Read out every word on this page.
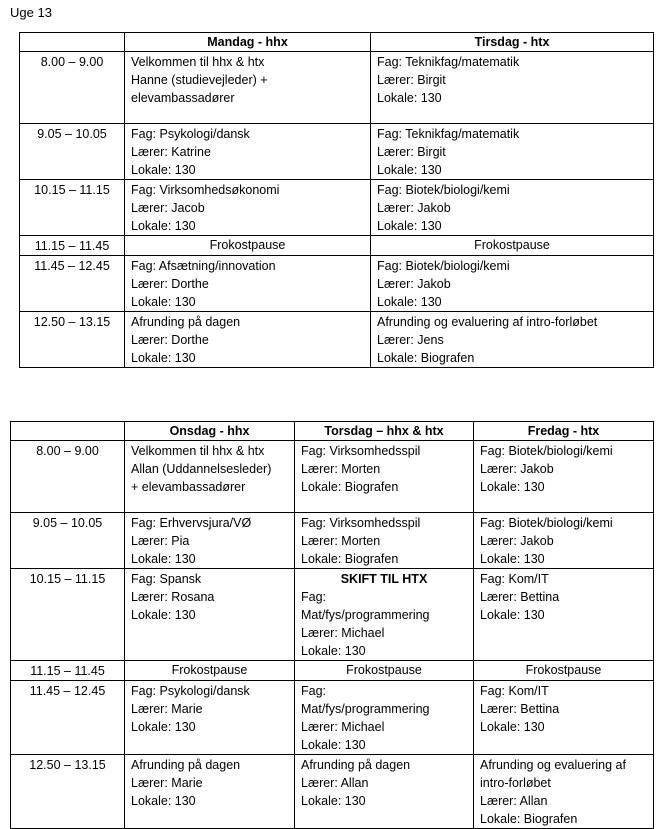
Uge 13
	Mandag - hhx	Tirsdag - htx
8.00 – 9.00	Velkommen til hhx & htx
Hanne (studievejleder) +
elevambassadører	Fag: Teknikfag/matematik
Lærer: Birgit
Lokale: 130

9.05 – 10.05	Fag: Psykologi/dansk
Lærer: Katrine
Lokale: 130	Fag: Teknikfag/matematik
Lærer: Birgit
Lokale: 130

10.15 – 11.15	Fag: Virksomhedsøkonomi
Lærer: Jacob
Lokale: 130	Fag: Biotek/biologi/kemi
Lærer: Jakob
Lokale: 130

11.15 – 11.45	Frokostpause	Frokostpause
11.45 – 12.45	Fag: Afsætning/innovation
Lærer: Dorthe
Lokale: 130	Fag: Biotek/biologi/kemi
Lærer: Jakob
Lokale: 130

12.50 – 13.15	Afrunding på dagen
Lærer: Dorthe
Lokale: 130	Afrunding og evaluering af intro-forløbet
Lærer: Jens
Lokale: Biografen
	Onsdag - hhx	Torsdag – hhx & htx	Fredag - htx
8.00 – 9.00	Velkommen til hhx & htx
Allan (Uddannelsesleder)
+ elevambassadører	Fag: Virksomhedsspil
Lærer: Morten
Lokale: Biografen	Fag: Biotek/biologi/kemi
Lærer: Jakob
Lokale: 130

9.05 – 10.05	Fag: Erhvervsjura/VØ
Lærer: Pia
Lokale: 130	Fag: Virksomhedsspil
Lærer: Morten
Lokale: Biografen	Fag: Biotek/biologi/kemi
Lærer: Jakob
Lokale: 130

10.15 – 11.15	Fag: Spansk
Lærer: Rosana
Lokale: 130	SKIFT TIL HTX
Fag:
Mat/fys/programmering
Lærer: Michael
Lokale: 130	Fag: Kom/IT
Lærer: Bettina
Lokale: 130

11.15 – 11.45	Frokostpause	Frokostpause	Frokostpause
11.45 – 12.45	Fag: Psykologi/dansk
Lærer: Marie
Lokale: 130	Fag:
Mat/fys/programmering
Lærer: Michael
Lokale: 130	Fag: Kom/IT
Lærer: Bettina
Lokale: 130

12.50 – 13.15	Afrunding på dagen
Lærer: Marie
Lokale: 130	Afrunding på dagen
Lærer: Allan
Lokale: 130	Afrunding og evaluering af
intro-forløbet
Lærer: Allan
Lokale: Biografen
